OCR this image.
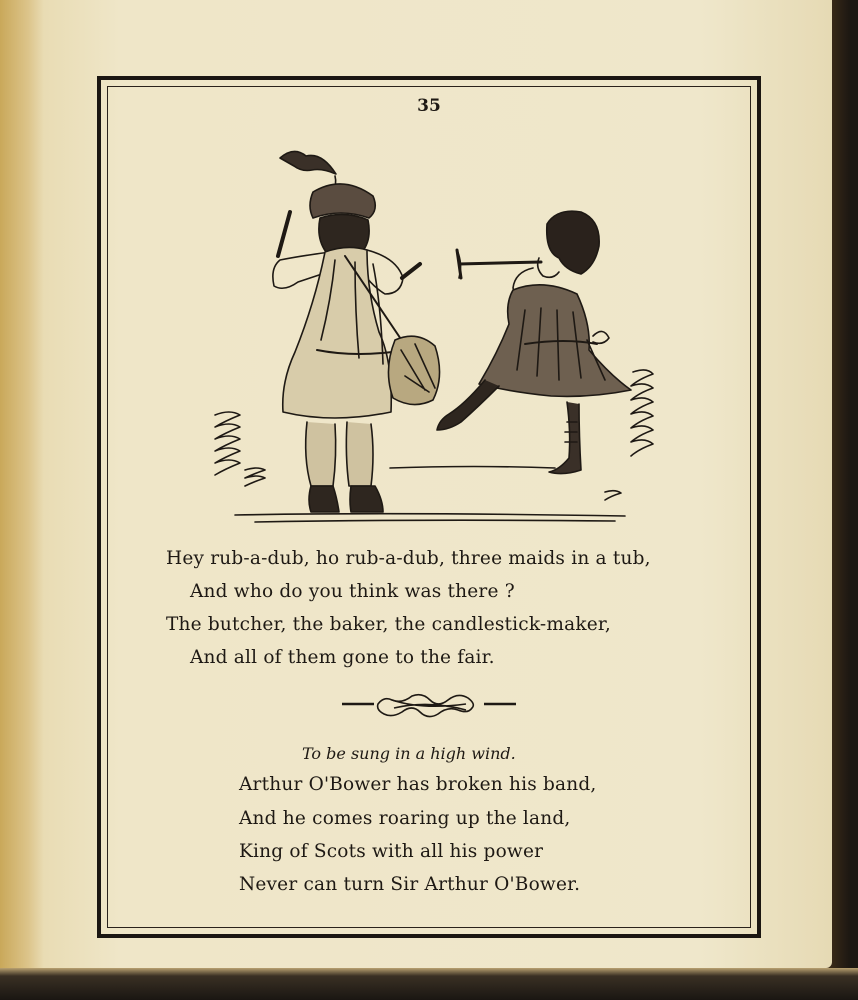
35
Hey rub-a-dub, ho rub-a-dub, three maids in a tub,
And who do you think was there ?
The butcher, the baker, the candlestick-maker,
And all of them gone to the fair.
To be sung in a high wind.
Arthur O'Bower has broken his band,
And he comes roaring up the land,
King of Scots with all his power
Never can turn Sir Arthur O'Bower.
